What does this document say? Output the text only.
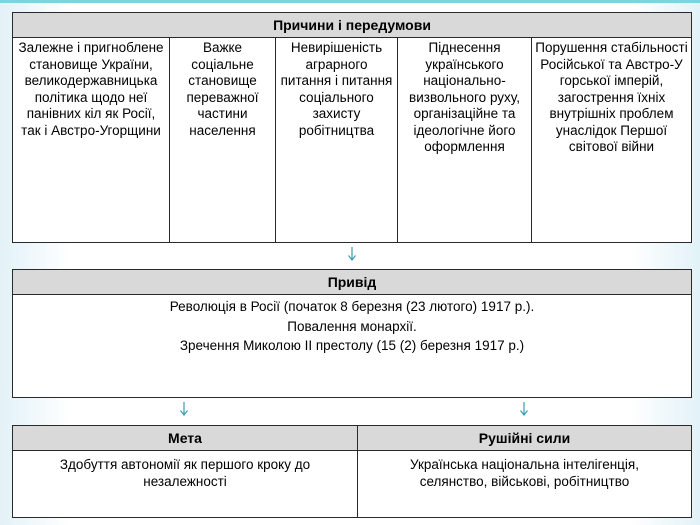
Причини і передумови
Залежне і пригноблене становище України, великодержавницька політика щодо неї панівних кіл як Росії, так і Австро-Угорщини
Важке соціальне становище переважної частини населення
Невирішеність аграрного питання і питання соціального захисту робітництва
Піднесення українського національно-визвольного руху, організаційне та ідеологічне його оформлення
Порушення стабільності Російської та Австро-У горської імперій, загострення їхніх внутрішніх проблем унаслідок Першої світової війни
Привід
Революція в Росії (початок 8 березня (23 лютого) 1917 р.).
Повалення монархії.
Зречення Миколою II престолу (15 (2) березня 1917 р.)
Мета	Рушійні сили
Здобуття автономії як першого кроку до незалежності
Українська національна інтелігенція, селянство, військові, робітництво
